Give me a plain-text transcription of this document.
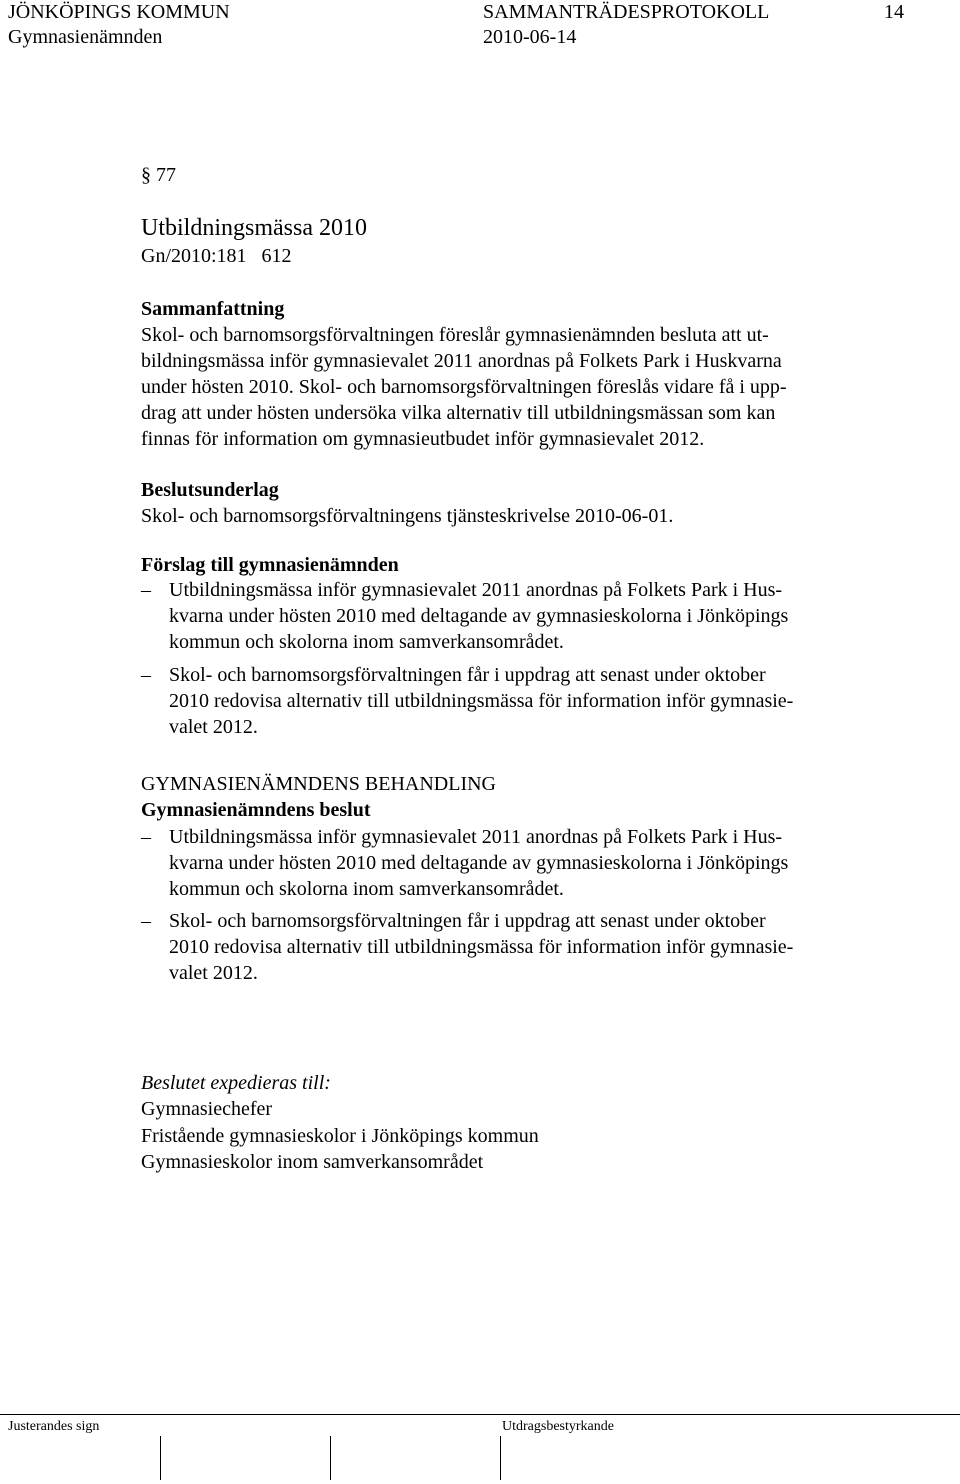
JÖNKÖPINGS KOMMUN	SAMMANTRÄDESPROTOKOLL	14
Gymnasienämnden	2010-06-14
§ 77
Utbildningsmässa 2010
Gn/2010:181   612
Sammanfattning
Skol- och barnomsorgsförvaltningen föreslår gymnasienämnden besluta att ut-
bildningsmässa inför gymnasievalet 2011 anordnas på Folkets Park i Huskvarna
under hösten 2010. Skol- och barnomsorgsförvaltningen föreslås vidare få i upp-
drag att under hösten undersöka vilka alternativ till utbildningsmässan som kan
finnas för information om gymnasieutbudet inför gymnasievalet 2012.
Beslutsunderlag
Skol- och barnomsorgsförvaltningens tjänsteskrivelse 2010-06-01.
Förslag till gymnasienämnden
– Utbildningsmässa inför gymnasievalet 2011 anordnas på Folkets Park i Hus-
kvarna under hösten 2010 med deltagande av gymnasieskolorna i Jönköpings
kommun och skolorna inom samverkansområdet.
– Skol- och barnomsorgsförvaltningen får i uppdrag att senast under oktober
2010 redovisa alternativ till utbildningsmässa för information inför gymnasie-
valet 2012.
GYMNASIENÄMNDENS BEHANDLING
Gymnasienämndens beslut
– Utbildningsmässa inför gymnasievalet 2011 anordnas på Folkets Park i Hus-
kvarna under hösten 2010 med deltagande av gymnasieskolorna i Jönköpings
kommun och skolorna inom samverkansområdet.
– Skol- och barnomsorgsförvaltningen får i uppdrag att senast under oktober
2010 redovisa alternativ till utbildningsmässa för information inför gymnasie-
valet 2012.
Beslutet expedieras till:
Gymnasiechefer
Fristående gymnasieskolor i Jönköpings kommun
Gymnasieskolor inom samverkansområdet
Justerandes sign	Utdragsbestyrkande
